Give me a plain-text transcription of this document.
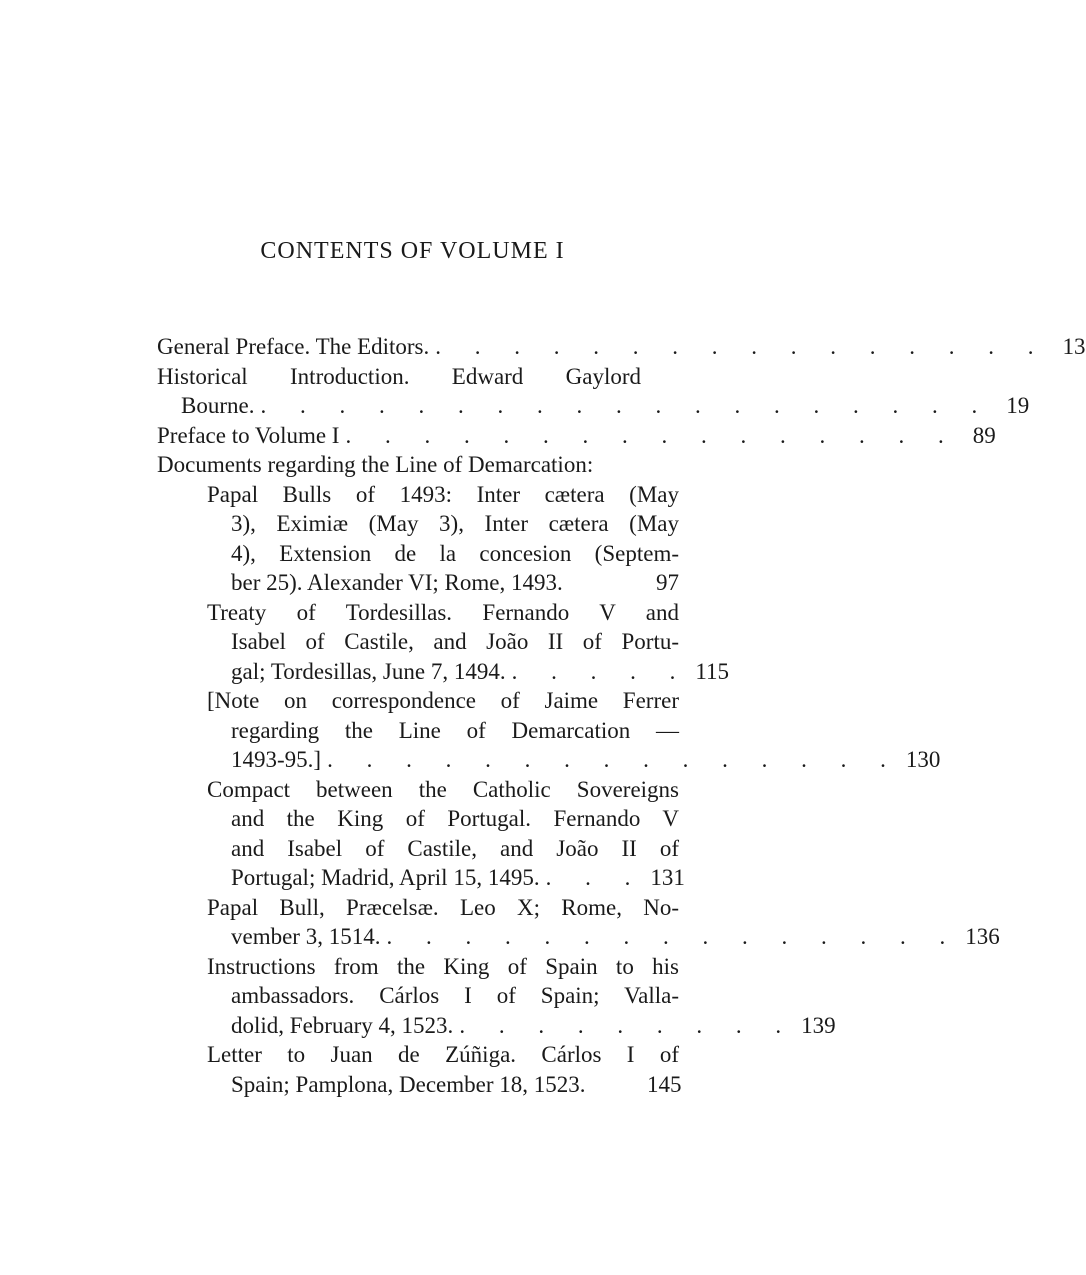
CONTENTS OF VOLUME I
General Preface. The Editors. . . . . . . . . . . . . . . . . 13
Historical Introduction. Edward Gaylord
Bourne. . . . . . . . . . . . . . . . . . . . 19
Preface to Volume I . . . . . . . . . . . . . . . . 89
Documents regarding the Line of Demarcation:
Papal Bulls of 1493: Inter cætera (May
3), Eximiæ (May 3), Inter cætera (May
4), Extension de la concesion (Septem-
ber 25). Alexander VI; Rome, 1493.	97
Treaty of Tordesillas. Fernando V and
Isabel of Castile, and João II of Portu-
gal; Tordesillas, June 7, 1494. . . . . . 115
[Note on correspondence of Jaime Ferrer
regarding the Line of Demarcation —
1493-95.] . . . . . . . . . . . . . . . 130
Compact between the Catholic Sovereigns
and the King of Portugal. Fernando V
and Isabel of Castile, and João II of
Portugal; Madrid, April 15, 1495. . . . 131
Papal Bull, Præcelsæ. Leo X; Rome, No-
vember 3, 1514. . . . . . . . . . . . . . . . 136
Instructions from the King of Spain to his
ambassadors. Cárlos I of Spain; Valla-
dolid, February 4, 1523. . . . . . . . . . 139
Letter to Juan de Zúñiga. Cárlos I of
Spain; Pamplona, December 18, 1523.	145
